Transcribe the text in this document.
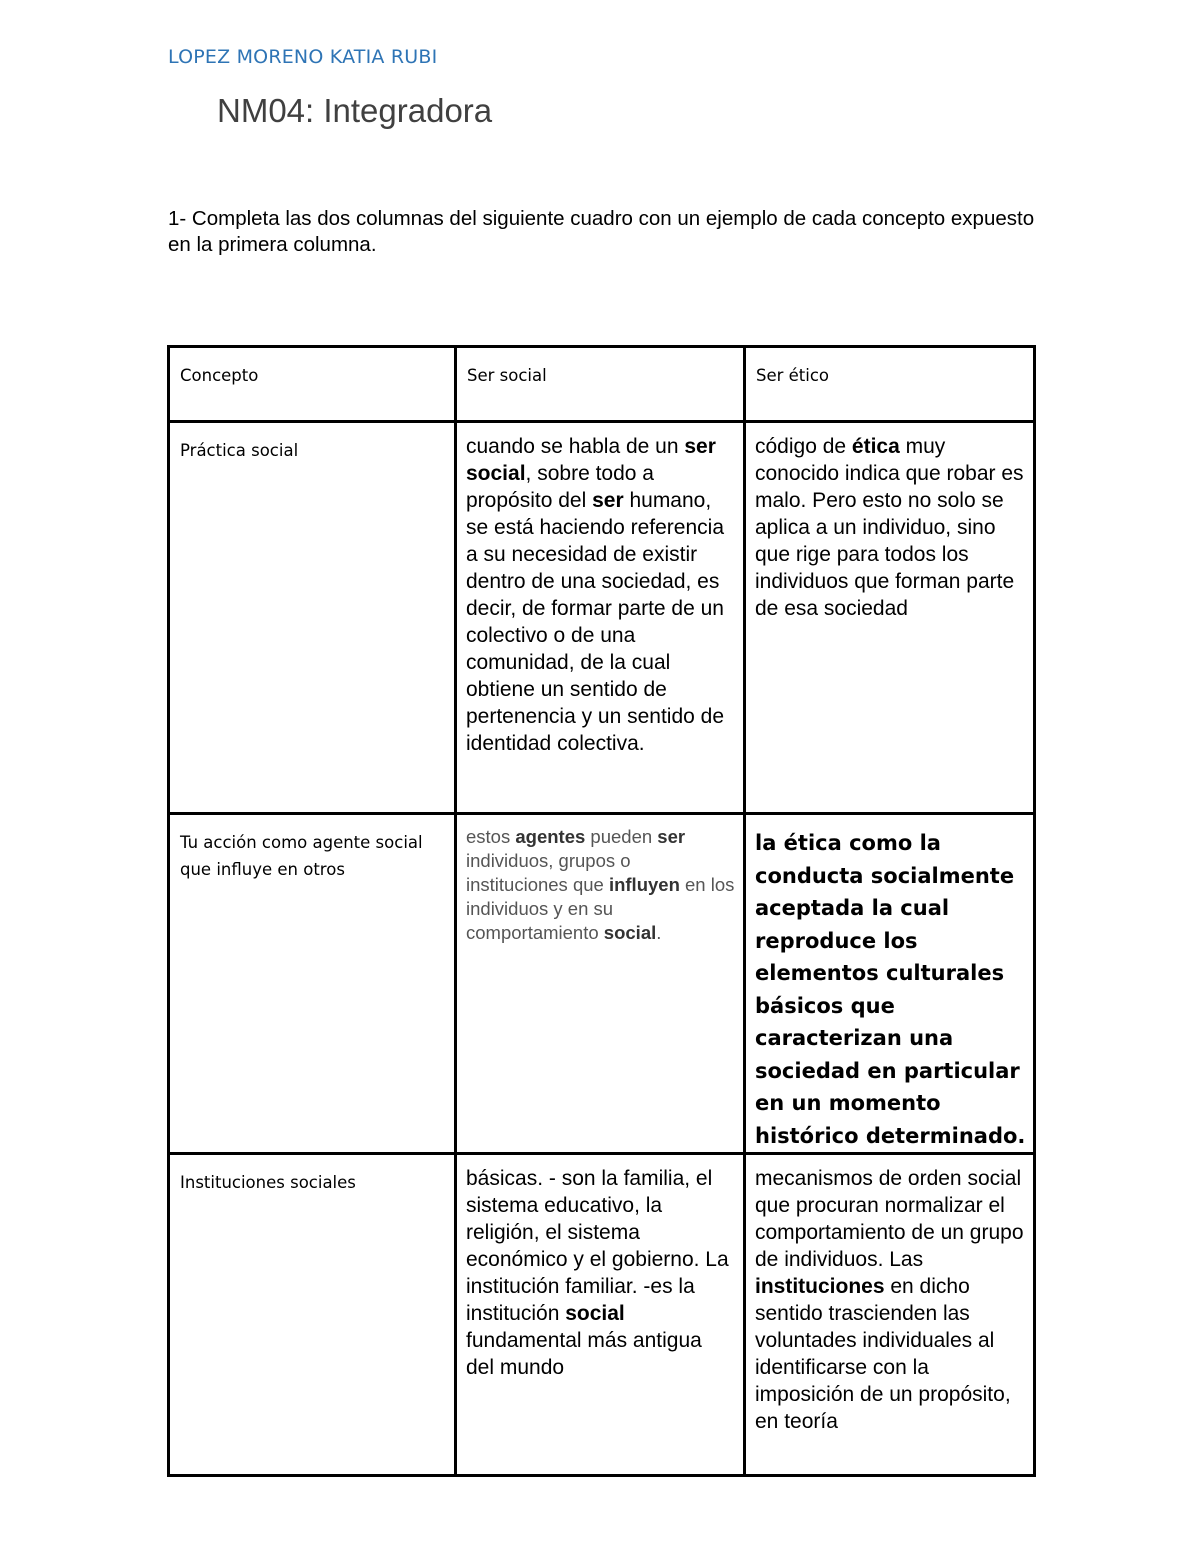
LOPEZ MORENO KATIA RUBI
NM04: Integradora

1- Completa las dos columnas del siguiente cuadro con un ejemplo de cada concepto expuesto en la primera columna.

Concepto	Ser social	Ser ético

Práctica social	cuando se habla de un ser social, sobre todo a propósito del ser humano, se está haciendo referencia a su necesidad de existir dentro de una sociedad, es decir, de formar parte de un colectivo o de una comunidad, de la cual obtiene un sentido de pertenencia y un sentido de identidad colectiva.	código de ética muy conocido indica que robar es malo. Pero esto no solo se aplica a un individuo, sino que rige para todos los individuos que forman parte de esa sociedad

Tu acción como agente social que influye en otros	estos agentes pueden ser individuos, grupos o instituciones que influyen en los individuos y en su comportamiento social.	la ética como la conducta socialmente aceptada la cual reproduce los elementos culturales básicos que caracterizan una sociedad en particular en un momento histórico determinado.

Instituciones sociales	básicas. - son la familia, el sistema educativo, la religión, el sistema económico y el gobierno. La institución familiar. -es la institución social fundamental más antigua del mundo	mecanismos de orden social que procuran normalizar el comportamiento de un grupo de individuos. Las instituciones en dicho sentido trascienden las voluntades individuales al identificarse con la imposición de un propósito, en teoría
